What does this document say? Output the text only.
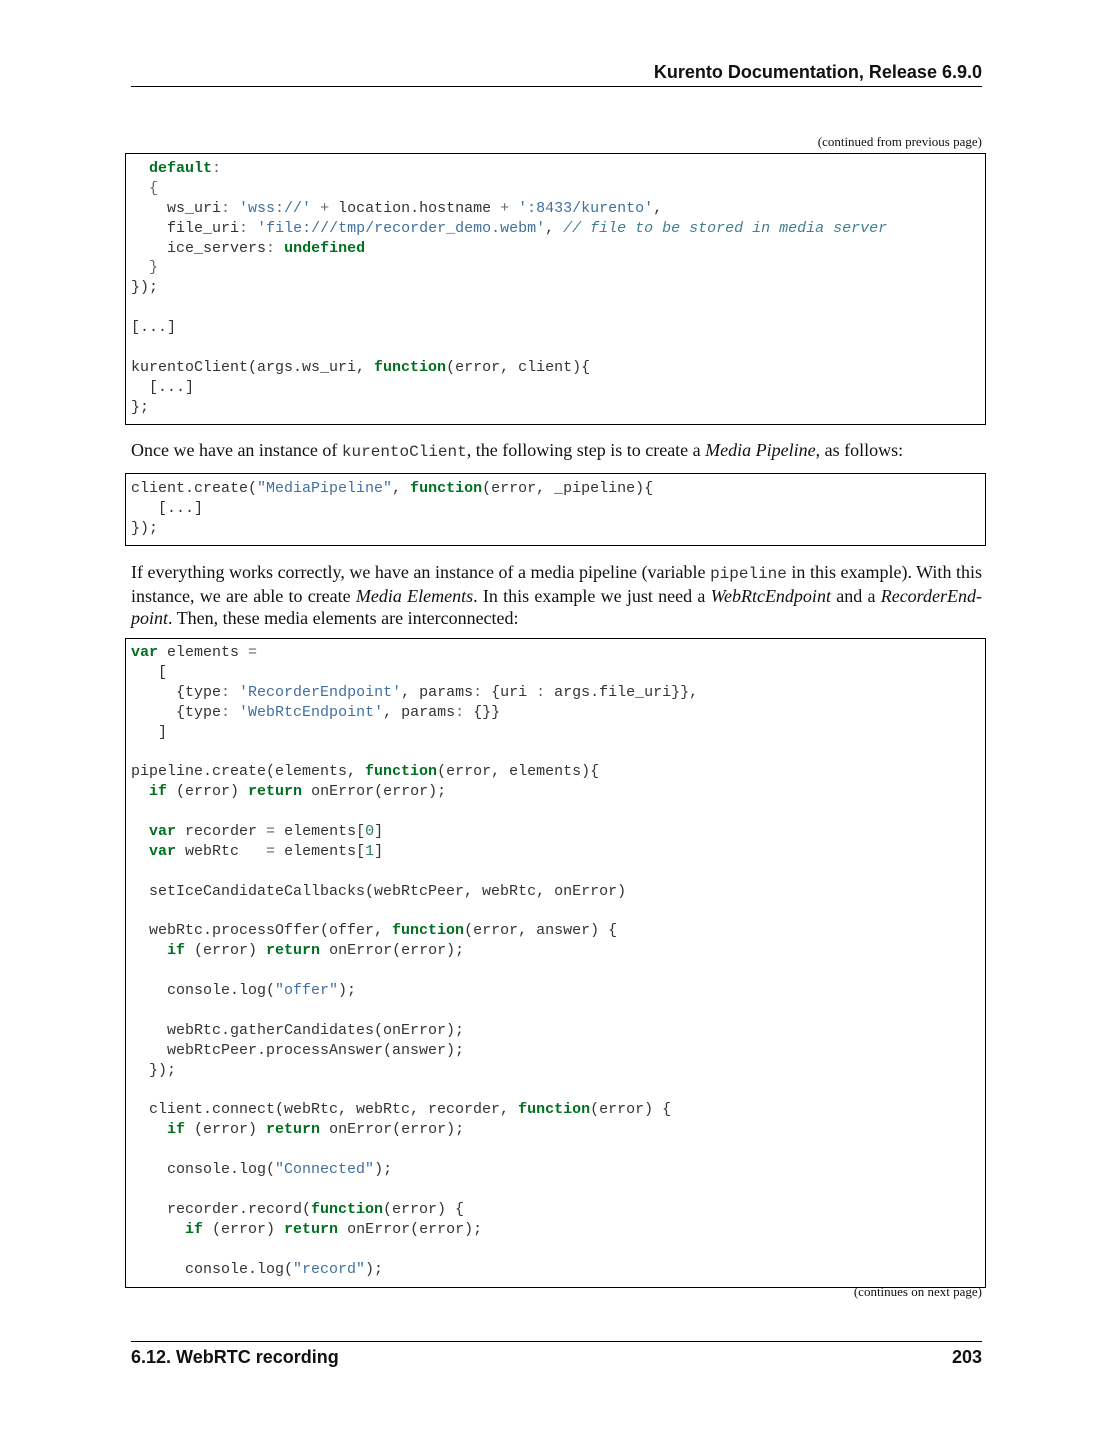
Kurento Documentation, Release 6.9.0
(continued from previous page)
default:
{
ws_uri: 'wss://' + location.hostname + ':8433/kurento',
file_uri: 'file:///tmp/recorder_demo.webm', // file to be stored in media server
ice_servers: undefined
}
});
[...]
kurentoClient(args.ws_uri, function(error, client){
[...]
};
Once we have an instance of kurentoClient, the following step is to create a Media Pipeline, as follows:
client.create("MediaPipeline", function(error, _pipeline){
[...]
});
If everything works correctly, we have an instance of a media pipeline (variable pipeline in this example). With this instance, we are able to create Media Elements. In this example we just need a WebRtcEndpoint and a RecorderEnd-point. Then, these media elements are interconnected:
var elements =
[
{type: 'RecorderEndpoint', params: {uri : args.file_uri}},
{type: 'WebRtcEndpoint', params: {}}
]
pipeline.create(elements, function(error, elements){
if (error) return onError(error);
var recorder = elements[0]
var webRtc   = elements[1]
setIceCandidateCallbacks(webRtcPeer, webRtc, onError)
webRtc.processOffer(offer, function(error, answer) {
if (error) return onError(error);
console.log("offer");
webRtc.gatherCandidates(onError);
webRtcPeer.processAnswer(answer);
});
client.connect(webRtc, webRtc, recorder, function(error) {
if (error) return onError(error);
console.log("Connected");
recorder.record(function(error) {
if (error) return onError(error);
console.log("record");
(continues on next page)
6.12. WebRTC recording	203
